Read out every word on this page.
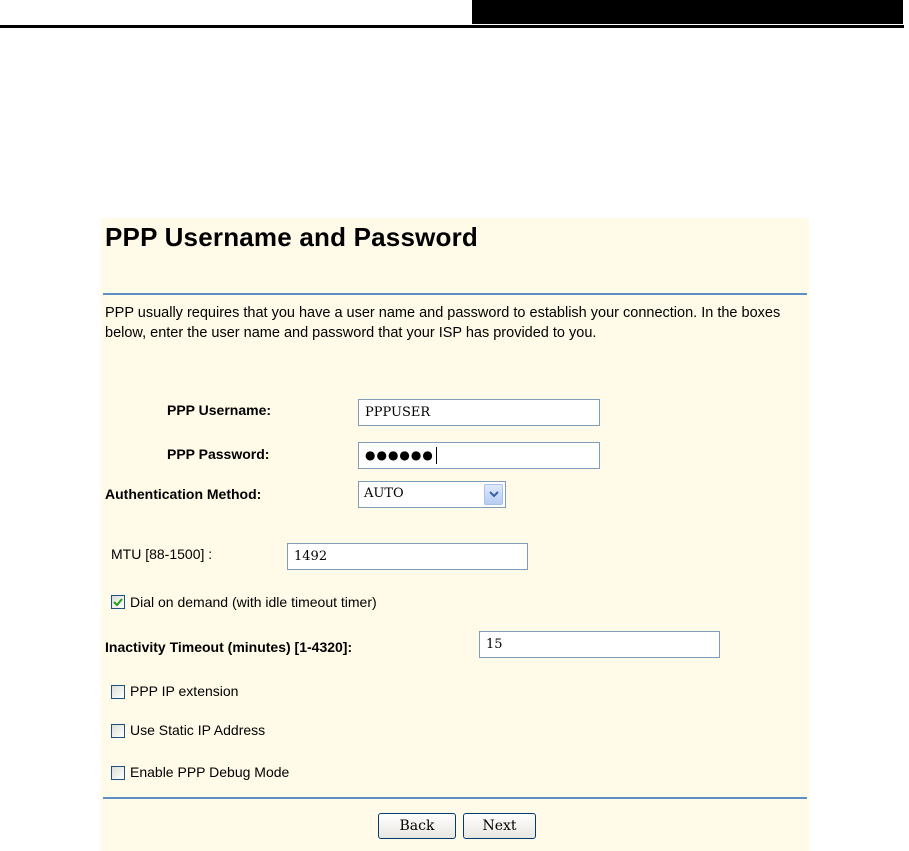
PPP Username and Password
PPP usually requires that you have a user name and password to establish your connection. In the boxes below, enter the user name and password that your ISP has provided to you.
PPP Username:	PPPUSER
PPP Password:	●●●●●●
Authentication Method:	AUTO
MTU [88-1500] :	1492
Dial on demand (with idle timeout timer)
Inactivity Timeout (minutes) [1-4320]:	15
PPP IP extension
Use Static IP Address
Enable PPP Debug Mode
Back	Next
